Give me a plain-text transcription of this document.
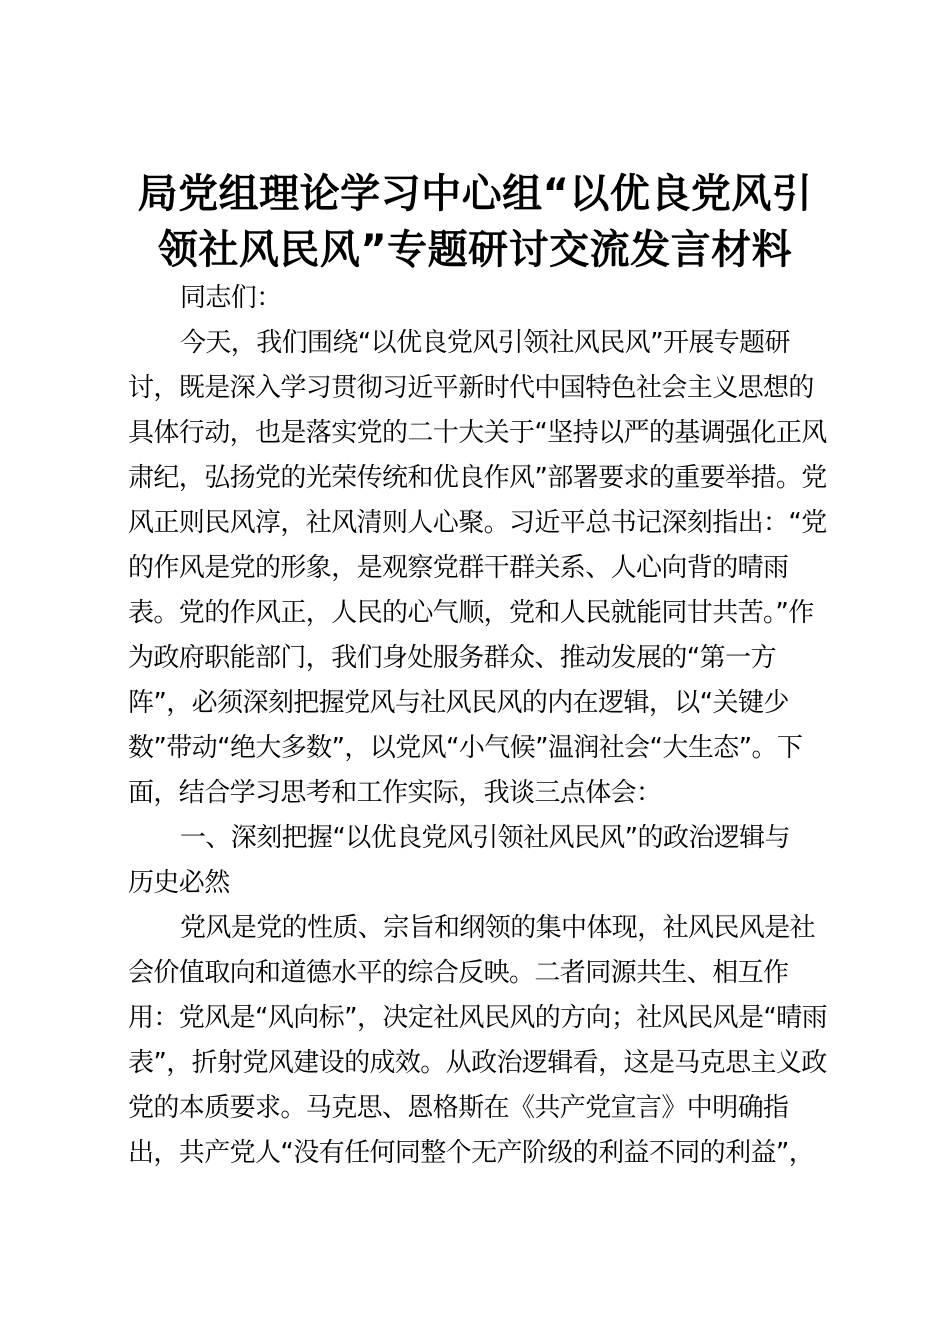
局党组理论学习中心组“以优良党风引
领社风民风”专题研讨交流发言材料

同志们：

今天，我们围绕“以优良党风引领社风民风”开展专题研
讨，既是深入学习贯彻习近平新时代中国特色社会主义思想的
具体行动，也是落实党的二十大关于“坚持以严的基调强化正风
肃纪，弘扬党的光荣传统和优良作风”部署要求的重要举措。党
风正则民风淳，社风清则人心聚。习近平总书记深刻指出：“党
的作风是党的形象，是观察党群干群关系、人心向背的晴雨
表。党的作风正，人民的心气顺，党和人民就能同甘共苦。”作
为政府职能部门，我们身处服务群众、推动发展的“第一方
阵”，必须深刻把握党风与社风民风的内在逻辑，以“关键少
数”带动“绝大多数”，以党风“小气候”温润社会“大生态”。下
面，结合学习思考和工作实际，我谈三点体会：

一、深刻把握“以优良党风引领社风民风”的政治逻辑与
历史必然

党风是党的性质、宗旨和纲领的集中体现，社风民风是社
会价值取向和道德水平的综合反映。二者同源共生、相互作
用：党风是“风向标”，决定社风民风的方向；社风民风是“晴雨
表”，折射党风建设的成效。从政治逻辑看，这是马克思主义政
党的本质要求。马克思、恩格斯在《共产党宣言》中明确指
出，共产党人“没有任何同整个无产阶级的利益不同的利益”，
